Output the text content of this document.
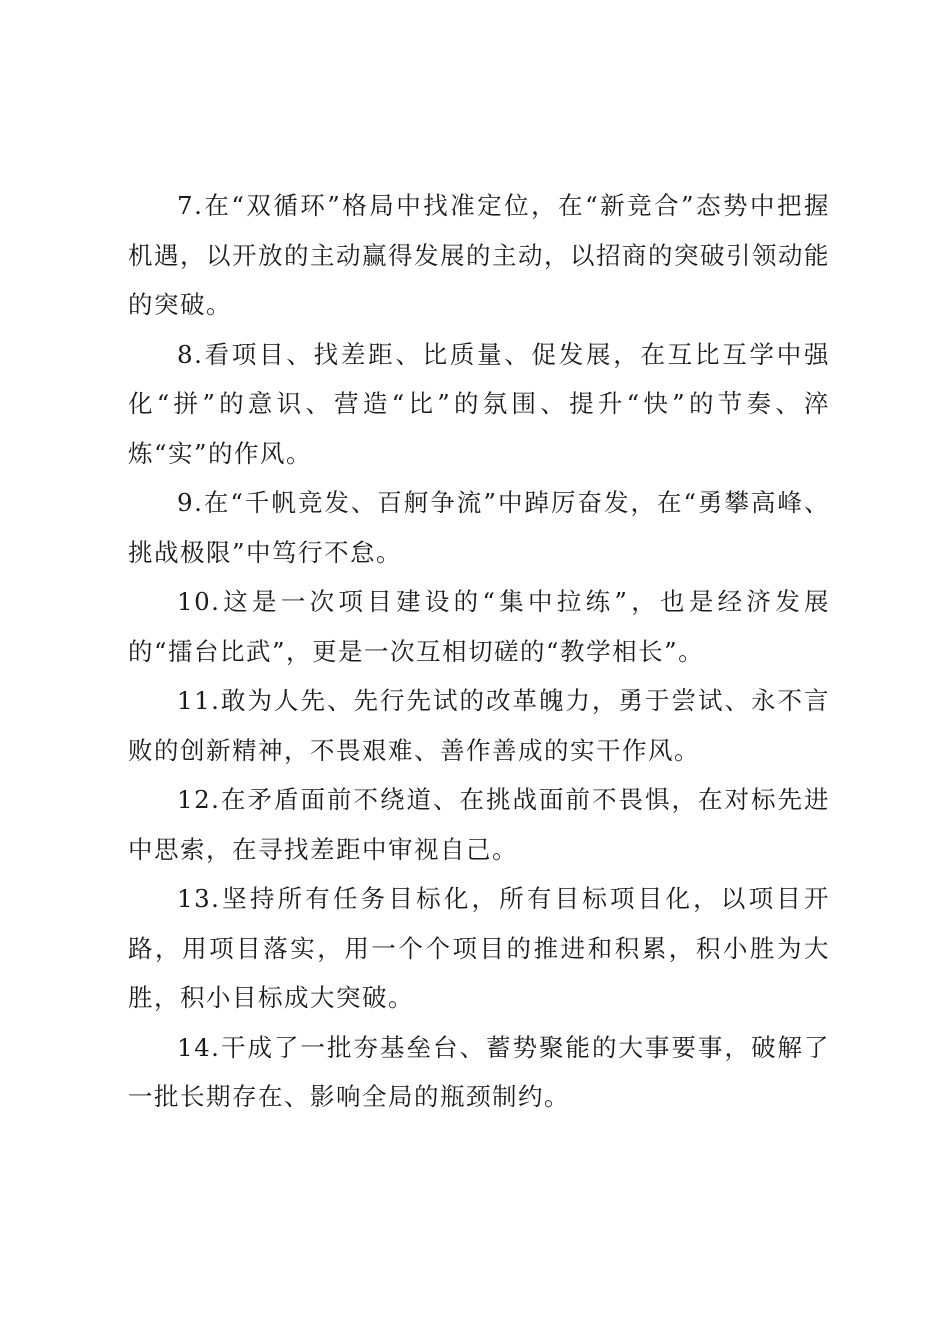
7.在“双循环”格局中找准定位，在“新竞合”态势中把握机遇，以开放的主动赢得发展的主动，以招商的突破引领动能的突破。

8.看项目、找差距、比质量、促发展，在互比互学中强化“拼”的意识、营造“比”的氛围、提升“快”的节奏、淬炼“实”的作风。

9.在“千帆竞发、百舸争流”中踔厉奋发，在“勇攀高峰、挑战极限”中笃行不怠。

10.这是一次项目建设的“集中拉练”，也是经济发展的“擂台比武”，更是一次互相切磋的“教学相长”。

11.敢为人先、先行先试的改革魄力，勇于尝试、永不言败的创新精神，不畏艰难、善作善成的实干作风。

12.在矛盾面前不绕道、在挑战面前不畏惧，在对标先进中思索，在寻找差距中审视自己。

13.坚持所有任务目标化，所有目标项目化，以项目开路，用项目落实，用一个个项目的推进和积累，积小胜为大胜，积小目标成大突破。

14.干成了一批夯基垒台、蓄势聚能的大事要事，破解了一批长期存在、影响全局的瓶颈制约。
